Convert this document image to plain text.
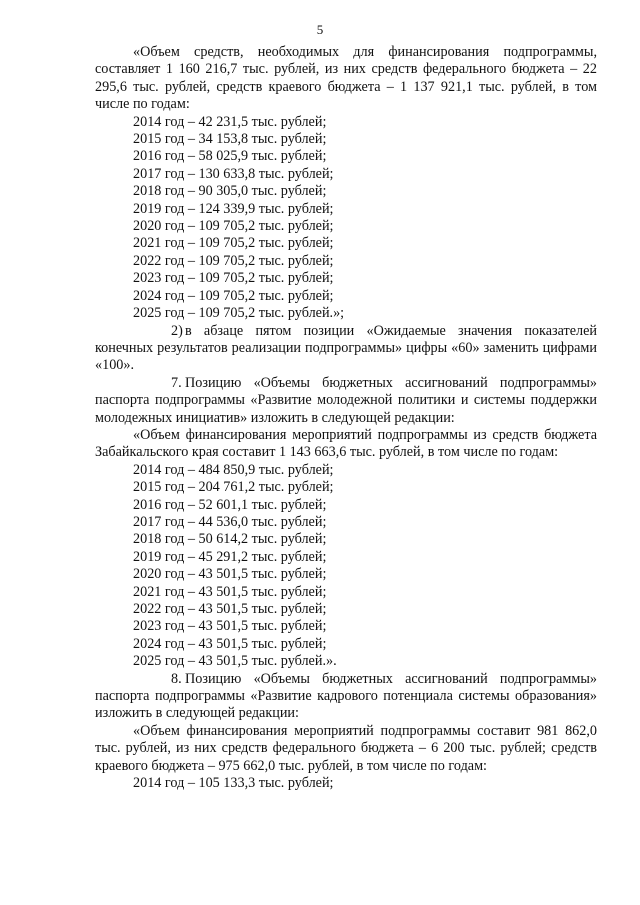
5

«Объем средств, необходимых для финансирования подпрограммы, составляет 1 160 216,7 тыс. рублей, из них средств федерального бюджета – 22 295,6 тыс. рублей, средств краевого бюджета – 1 137 921,1 тыс. рублей, в том числе по годам:

2014 год – 42 231,5 тыс. рублей;
2015 год – 34 153,8 тыс. рублей;
2016 год – 58 025,9 тыс. рублей;
2017 год – 130 633,8 тыс. рублей;
2018 год – 90 305,0 тыс. рублей;
2019 год – 124 339,9 тыс. рублей;
2020 год – 109 705,2 тыс. рублей;
2021 год – 109 705,2 тыс. рублей;
2022 год – 109 705,2 тыс. рублей;
2023 год – 109 705,2 тыс. рублей;
2024 год – 109 705,2 тыс. рублей;
2025 год – 109 705,2 тыс. рублей.»;

2) в абзаце пятом позиции «Ожидаемые значения показателей конечных результатов реализации подпрограммы» цифры «60» заменить цифрами «100».

7. Позицию «Объемы бюджетных ассигнований подпрограммы» паспорта подпрограммы «Развитие молодежной политики и системы поддержки молодежных инициатив» изложить в следующей редакции:

«Объем финансирования мероприятий подпрограммы из средств бюджета Забайкальского края составит 1 143 663,6 тыс. рублей, в том числе по годам:

2014 год – 484 850,9 тыс. рублей;
2015 год – 204 761,2 тыс. рублей;
2016 год – 52 601,1 тыс. рублей;
2017 год – 44 536,0 тыс. рублей;
2018 год – 50 614,2 тыс. рублей;
2019 год – 45 291,2 тыс. рублей;
2020 год – 43 501,5 тыс. рублей;
2021 год – 43 501,5 тыс. рублей;
2022 год – 43 501,5 тыс. рублей;
2023 год – 43 501,5 тыс. рублей;
2024 год – 43 501,5 тыс. рублей;
2025 год – 43 501,5 тыс. рублей.».

8. Позицию «Объемы бюджетных ассигнований подпрограммы» паспорта подпрограммы «Развитие кадрового потенциала системы образования» изложить в следующей редакции:

«Объем финансирования мероприятий подпрограммы составит 981 862,0 тыс. рублей, из них средств федерального бюджета – 6 200 тыс. рублей; средств краевого бюджета – 975 662,0 тыс. рублей, в том числе по годам:

2014 год – 105 133,3 тыс. рублей;
